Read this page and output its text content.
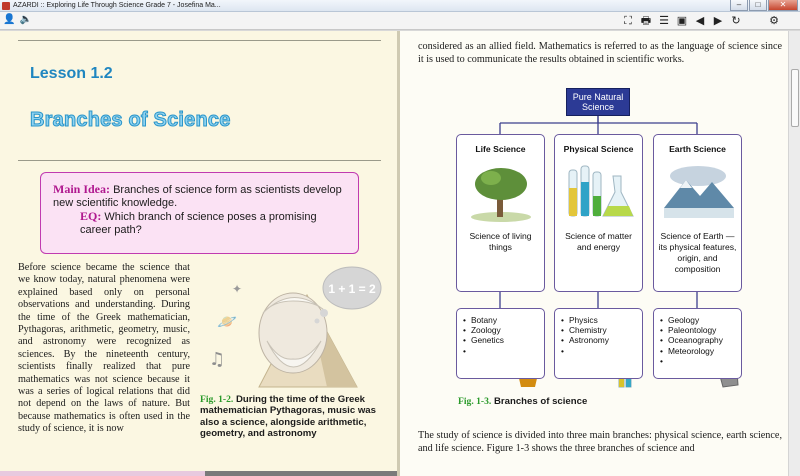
AZARDI :: Exploring Life Through Science Grade 7 - Josefina Ma...	–	□	✕
👤 🔈	⛶ 🖶 ☰ ▣ ◀ ▶ ↻	⚙
Lesson 1.2
Branches of Science
Main Idea: Branches of science form as scientists develop new scientific knowledge.
EQ: Which branch of science poses a promising career path?
Before science became the science that we know today, natural phenomena were explained based only on personal observations and understanding. During the time of the Greek mathematician, Pythagoras, arithmetic, geometry, music, and astronomy were recognized as sciences. By the nineteenth century, scientists finally realized that pure mathematics was not science because it was a series of logical relations that did not depend on the laws of nature. But because mathematics is often used in the study of science, it is now
1 + 1 = 2
🪐
✦
♫
Fig. 1-2. During the time of the Greek mathematician Pythagoras, music was also a science, alongside arithmetic, geometry, and astronomy
considered as an allied field. Mathematics is referred to as the language of science since it is used to communicate the results obtained in scientific works.
Pure Natural
Science
Life Science
Science of living things
Physical Science
Science of matter and energy
Earth Science
Science of Earth —its physical features, origin, and composition
• Botany
• Zoology
• Genetics
•
• Physics
• Chemistry
• Astronomy
•
• Geology
• Paleontology
• Oceanography
• Meteorology
•
Fig. 1-3. Branches of science
The study of science is divided into three main branches: physical science, earth science, and life science. Figure 1-3 shows the three branches of science and
